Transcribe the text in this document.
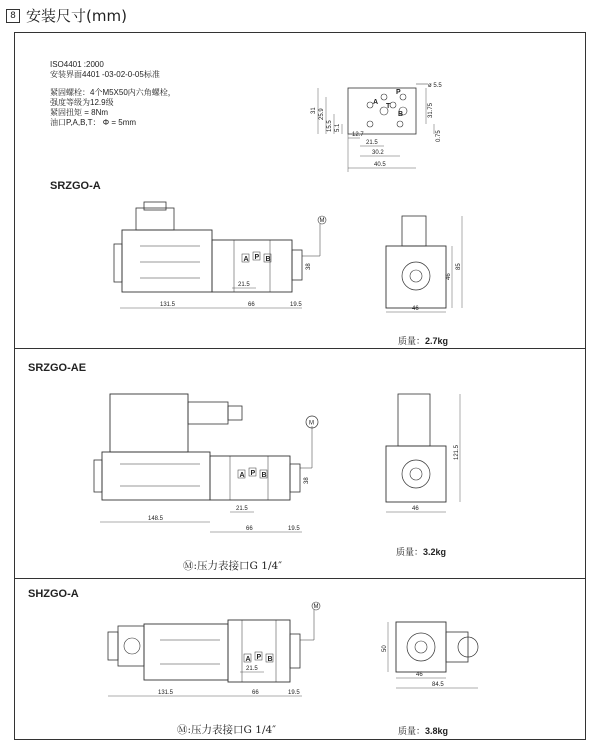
8 安装尺寸(mm)
ISO4401 :2000
安装界面4401 -03-02-0-05标准
紧固螺栓：4个M5X50内六角螺栓，
强度等级为12.9级
紧固扭矩 = 8Nm
油口P,A,B,T： Φ = 5mm
ø 5.5
P
A
T
B
31 25.9
15.5 5.1
31.75
0.75
12.7
21.5
30.2
40.5
SRZGO-A
A P B
M
38
21.5
131.5	66	19.5
46
46
85
质量：2.7kg
SRZGO-AE
A P B
M
38
21.5
148.5
66	19.5
46
121.5
质量：3.2kg
Ⓜ:压力表接口G 1/4″
SHZGO-A
A P B
M
21.5
131.5	66	19.5
50
46
84.5
质量：3.8kg
Ⓜ:压力表接口G 1/4″
